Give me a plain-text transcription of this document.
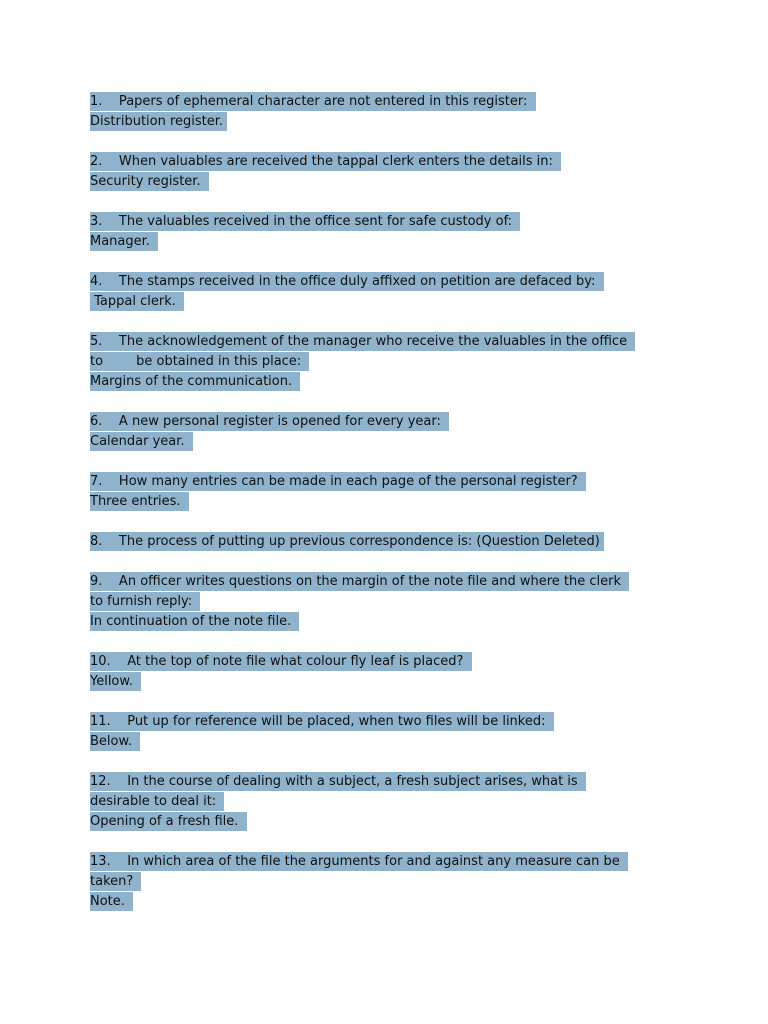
1.    Papers of ephemeral character are not entered in this register:
Distribution register.
2.    When valuables are received the tappal clerk enters the details in:
Security register.
3.    The valuables received in the office sent for safe custody of:
Manager.
4.    The stamps received in the office duly affixed on petition are defaced by:
Tappal clerk.
5.    The acknowledgement of the manager who receive the valuables in the office
to        be obtained in this place:
Margins of the communication.
6.    A new personal register is opened for every year:
Calendar year.
7.    How many entries can be made in each page of the personal register?
Three entries.
8.    The process of putting up previous correspondence is: (Question Deleted)
9.    An officer writes questions on the margin of the note file and where the clerk
to furnish reply:
In continuation of the note file.
10.    At the top of note file what colour fly leaf is placed?
Yellow.
11.    Put up for reference will be placed, when two files will be linked:
Below.
12.    In the course of dealing with a subject, a fresh subject arises, what is
desirable to deal it:
Opening of a fresh file.
13.    In which area of the file the arguments for and against any measure can be
taken?
Note.
